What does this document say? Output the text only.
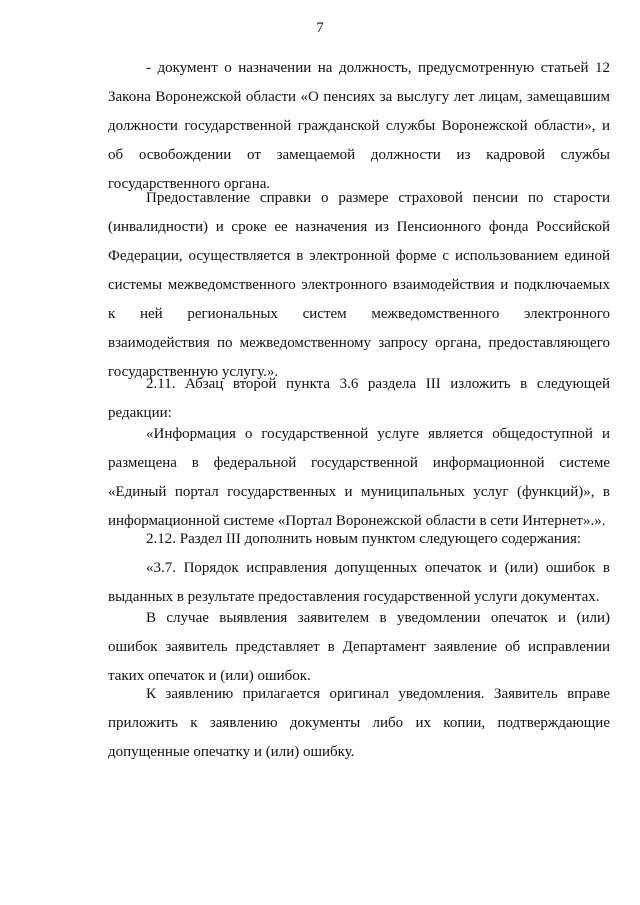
7
- документ о назначении на должность, предусмотренную статьей 12
Закона Воронежской области «О пенсиях за выслугу лет лицам, замещавшим
должности государственной гражданской службы Воронежской области», и
об освобождении от замещаемой должности из кадровой службы
государственного органа.
Предоставление справки о размере страховой пенсии по старости
(инвалидности) и сроке ее назначения из Пенсионного фонда Российской
Федерации, осуществляется в электронной форме с использованием единой
системы межведомственного электронного взаимодействия и подключаемых
к ней региональных систем межведомственного электронного
взаимодействия по межведомственному запросу органа, предоставляющего
государственную услугу.».
2.11. Абзац второй пункта 3.6 раздела III изложить в следующей
редакции:
«Информация о государственной услуге является общедоступной и
размещена в федеральной государственной информационной системе
«Единый портал государственных и муниципальных услуг (функций)», в
информационной системе «Портал Воронежской области в сети Интернет».».
2.12. Раздел III дополнить новым пунктом следующего содержания:
«3.7. Порядок исправления допущенных опечаток и (или) ошибок в
выданных в результате предоставления государственной услуги документах.
В случае выявления заявителем в уведомлении опечаток и (или)
ошибок заявитель представляет в Департамент заявление об исправлении
таких опечаток и (или) ошибок.
К заявлению прилагается оригинал уведомления. Заявитель вправе
приложить к заявлению документы либо их копии, подтверждающие
допущенные опечатку и (или) ошибку.
